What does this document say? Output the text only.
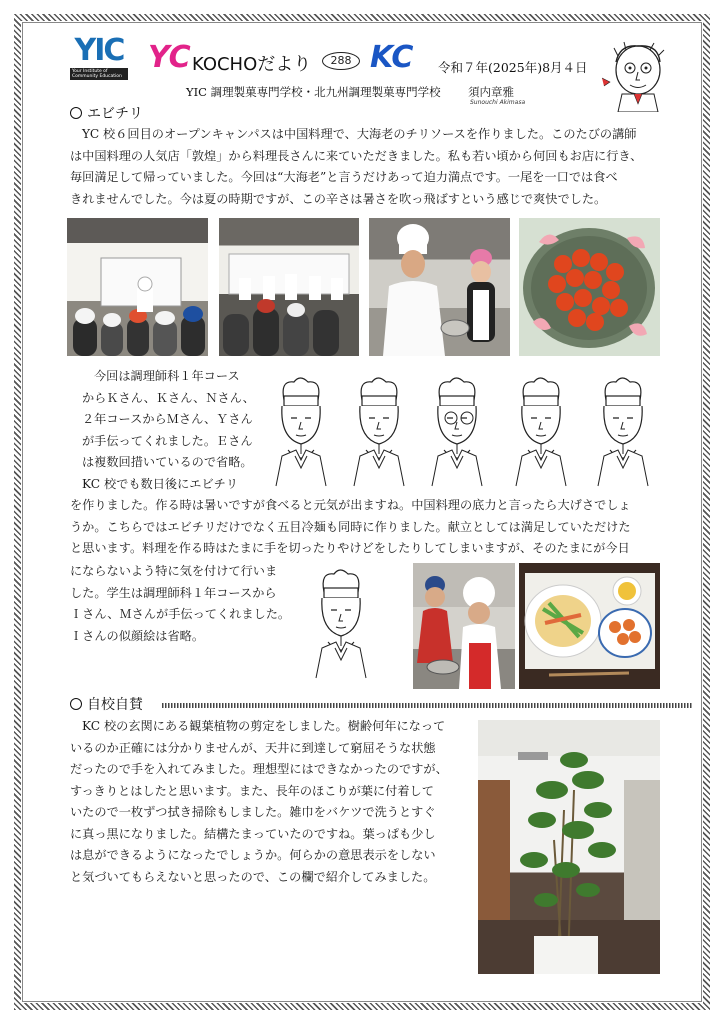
YIC
Your Institute of Community Education
YC KOCHOだより	288 KC 令和７年(2025年)8月４日
YIC 調理製菓専門学校・北九州調理製菓専門学校 須内章雅
Sunouchi Akimasa
エビチリ

YC 校６回目のオープンキャンパスは中国料理で、大海老のチリソースを作りました。このたびの講師

は中国料理の人気店「敦煌」から料理長さんに来ていただきました。私も若い頃から何回もお店に行き、

毎回満足して帰っていました。今回は“大海老”と言うだけあって迫力満点です。一尾を一口では食べ

きれませんでした。今は夏の時期ですが、この辛さは暑さを吹っ飛ばすという感じで爽快でした。

今回は調理師科１年コース

からＫさん、Ｋさん、Ｎさん、

２年コースからＭさん、Ｙさん

が手伝ってくれました。Ｅさん

は複数回措いているので省略。

KC 校でも数日後にエビチリ

を作りました。作る時は暑いですが食べると元気が出ますね。中国料理の底力と言ったら大げさでしょ

うか。こちらではエビチリだけでなく五目冷麺も同時に作りました。献立としては満足していただけた

と思います。料理を作る時はたまに手を切ったりやけどをしたりしてしまいますが、そのたまにが今日

にならないよう特に気を付けて行いま

した。学生は調理師科１年コースから

Ｉさん、Ｍさんが手伝ってくれました。

Ｉさんの似顔絵は省略。

自校自賛

KC 校の玄関にある観葉植物の剪定をしました。樹齢何年になって

いるのか正確には分かりませんが、天井に到達して窮屈そうな状態

だったので手を入れてみました。理想型にはできなかったのですが、

すっきりとはしたと思います。また、長年のほこりが葉に付着して

いたので一枚ずつ拭き掃除もしました。雑巾をバケツで洗うとすぐ

に真っ黒になりました。結構たまっていたのですね。葉っぱも少し

は息ができるようになったでしょうか。何らかの意思表示をしない

と気づいてもらえないと思ったので、この欄で紹介してみました。
